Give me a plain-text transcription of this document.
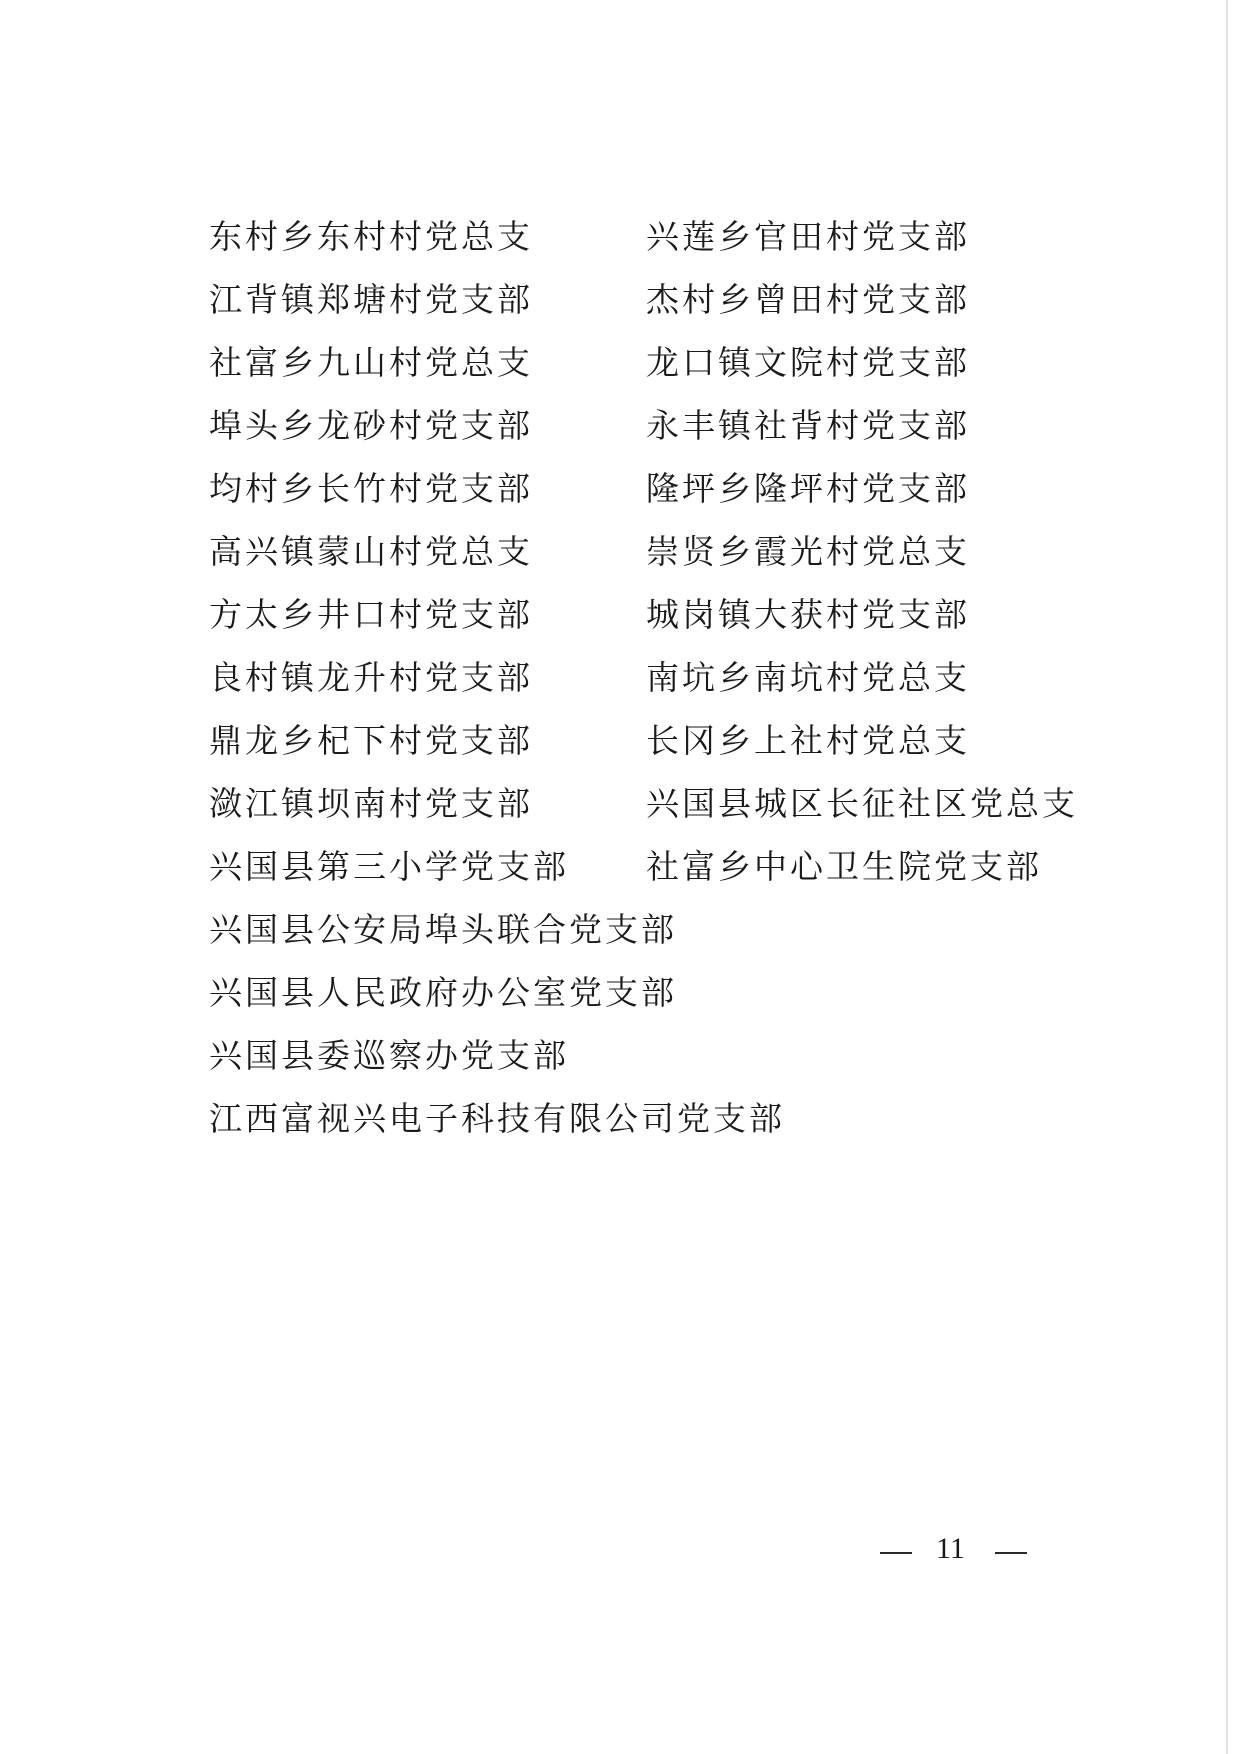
东村乡东村村党总支	兴莲乡官田村党支部
江背镇郑塘村党支部	杰村乡曾田村党支部
社富乡九山村党总支	龙口镇文院村党支部
埠头乡龙砂村党支部	永丰镇社背村党支部
均村乡长竹村党支部	隆坪乡隆坪村党支部
高兴镇蒙山村党总支	崇贤乡霞光村党总支
方太乡井口村党支部	城岗镇大获村党支部
良村镇龙升村党支部	南坑乡南坑村党总支
鼎龙乡杞下村党支部	长冈乡上社村党总支
潋江镇坝南村党支部	兴国县城区长征社区党总支
兴国县第三小学党支部 社富乡中心卫生院党支部
兴国县公安局埠头联合党支部
兴国县人民政府办公室党支部
兴国县委巡察办党支部
江西富视兴电子科技有限公司党支部
11
